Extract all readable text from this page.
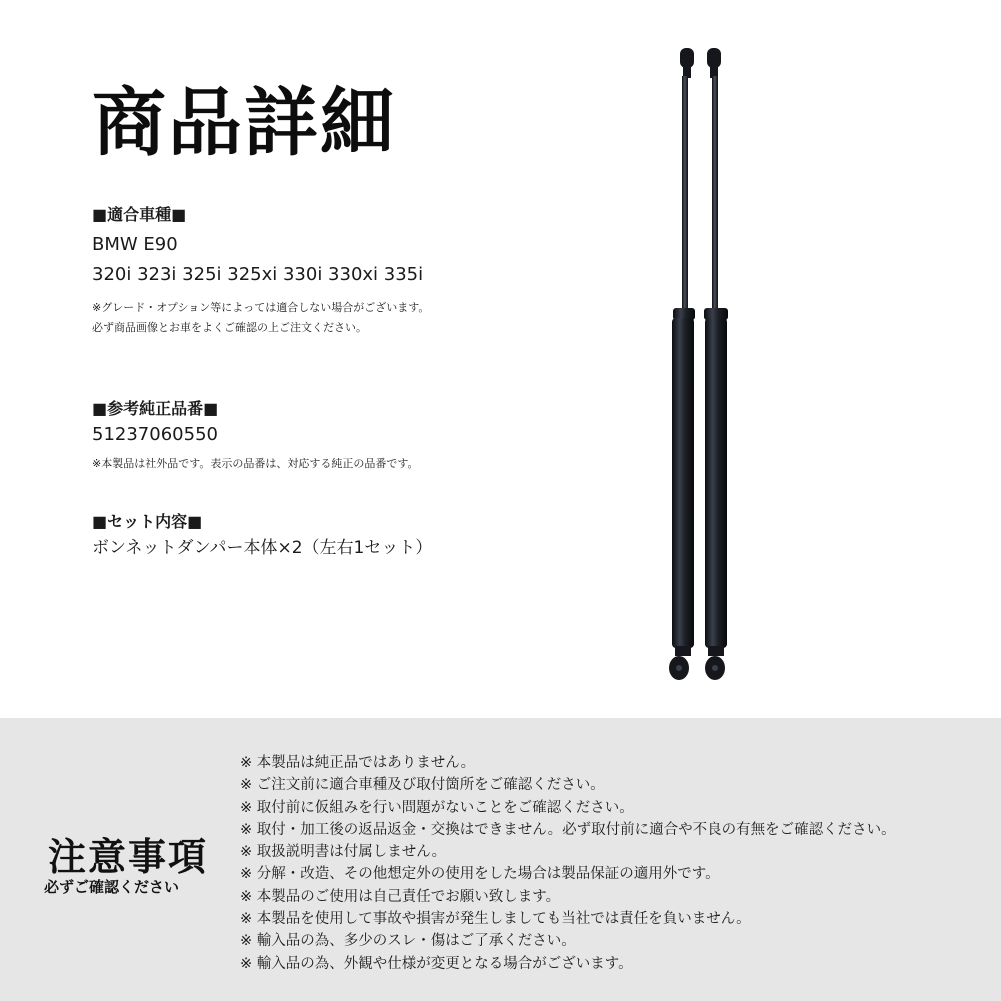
商品詳細
■適合車種■
BMW E90
320i 323i 325i 325xi 330i 330xi 335i
※グレード・オプション等によっては適合しない場合がございます。
必ず商品画像とお車をよくご確認の上ご注文ください。
■参考純正品番■
51237060550
※本製品は社外品です。表示の品番は、対応する純正の品番です。
■セット内容■
ボンネットダンパー本体×2（左右1セット）
注意事項
必ずご確認ください
※ 本製品は純正品ではありません。
※ ご注文前に適合車種及び取付箇所をご確認ください。
※ 取付前に仮組みを行い問題がないことをご確認ください。
※ 取付・加工後の返品返金・交換はできません。必ず取付前に適合や不良の有無をご確認ください。
※ 取扱説明書は付属しません。
※ 分解・改造、その他想定外の使用をした場合は製品保証の適用外です。
※ 本製品のご使用は自己責任でお願い致します。
※ 本製品を使用して事故や損害が発生しましても当社では責任を負いません。
※ 輸入品の為、多少のスレ・傷はご了承ください。
※ 輸入品の為、外観や仕様が変更となる場合がございます。
